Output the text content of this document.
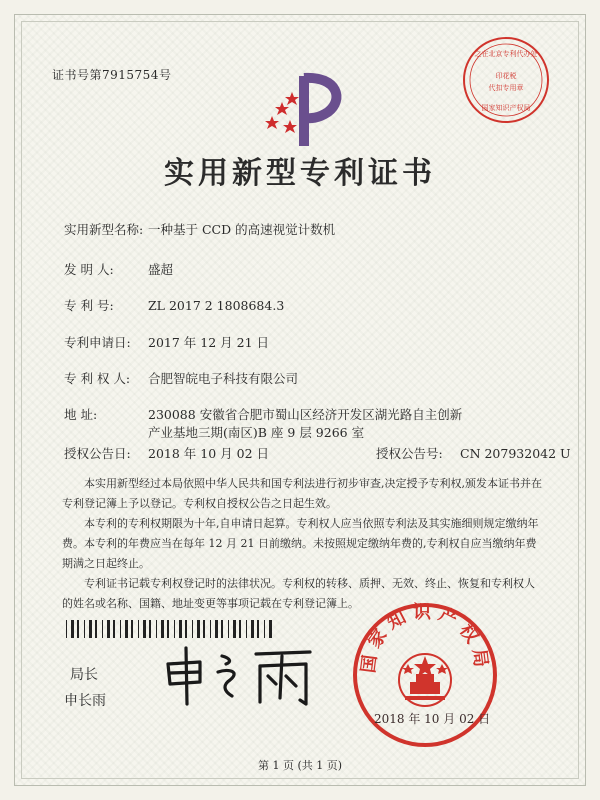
证书号第7915754号
之在北京专利代办处
印花税
代扣专用章
国家知识产权局
实用新型专利证书
实用新型名称: 一种基于 CCD 的高速视觉计数机
发 明 人:	盛超
专 利 号:	ZL 2017 2 1808684.3
专利申请日: 2017 年 12 月 21 日
专 利 权 人: 合肥智皖电子科技有限公司
地 址:	230088 安徽省合肥市蜀山区经济开发区湖光路自主创新
产业基地三期(南区)B 座 9 层 9266 室
授权公告日: 2018 年 10 月 02 日	授权公告号: CN 207932042 U

本实用新型经过本局依照中华人民共和国专利法进行初步审查,决定授予专利权,颁发本证书并在专利登记簿上予以登记。专利权自授权公告之日起生效。

本专利的专利权期限为十年,自申请日起算。专利权人应当依照专利法及其实施细则规定缴纳年费。本专利的年费应当在每年 12 月 21 日前缴纳。未按照规定缴纳年费的,专利权自应当缴纳年费期满之日起终止。

专利证书记载专利权登记时的法律状况。专利权的转移、质押、无效、终止、恢复和专利权人的姓名或名称、国籍、地址变更等事项记载在专利登记簿上。

局长
申长雨
国家知识产权局
2018 年 10 月 02 日
第 1 页 (共 1 页)
